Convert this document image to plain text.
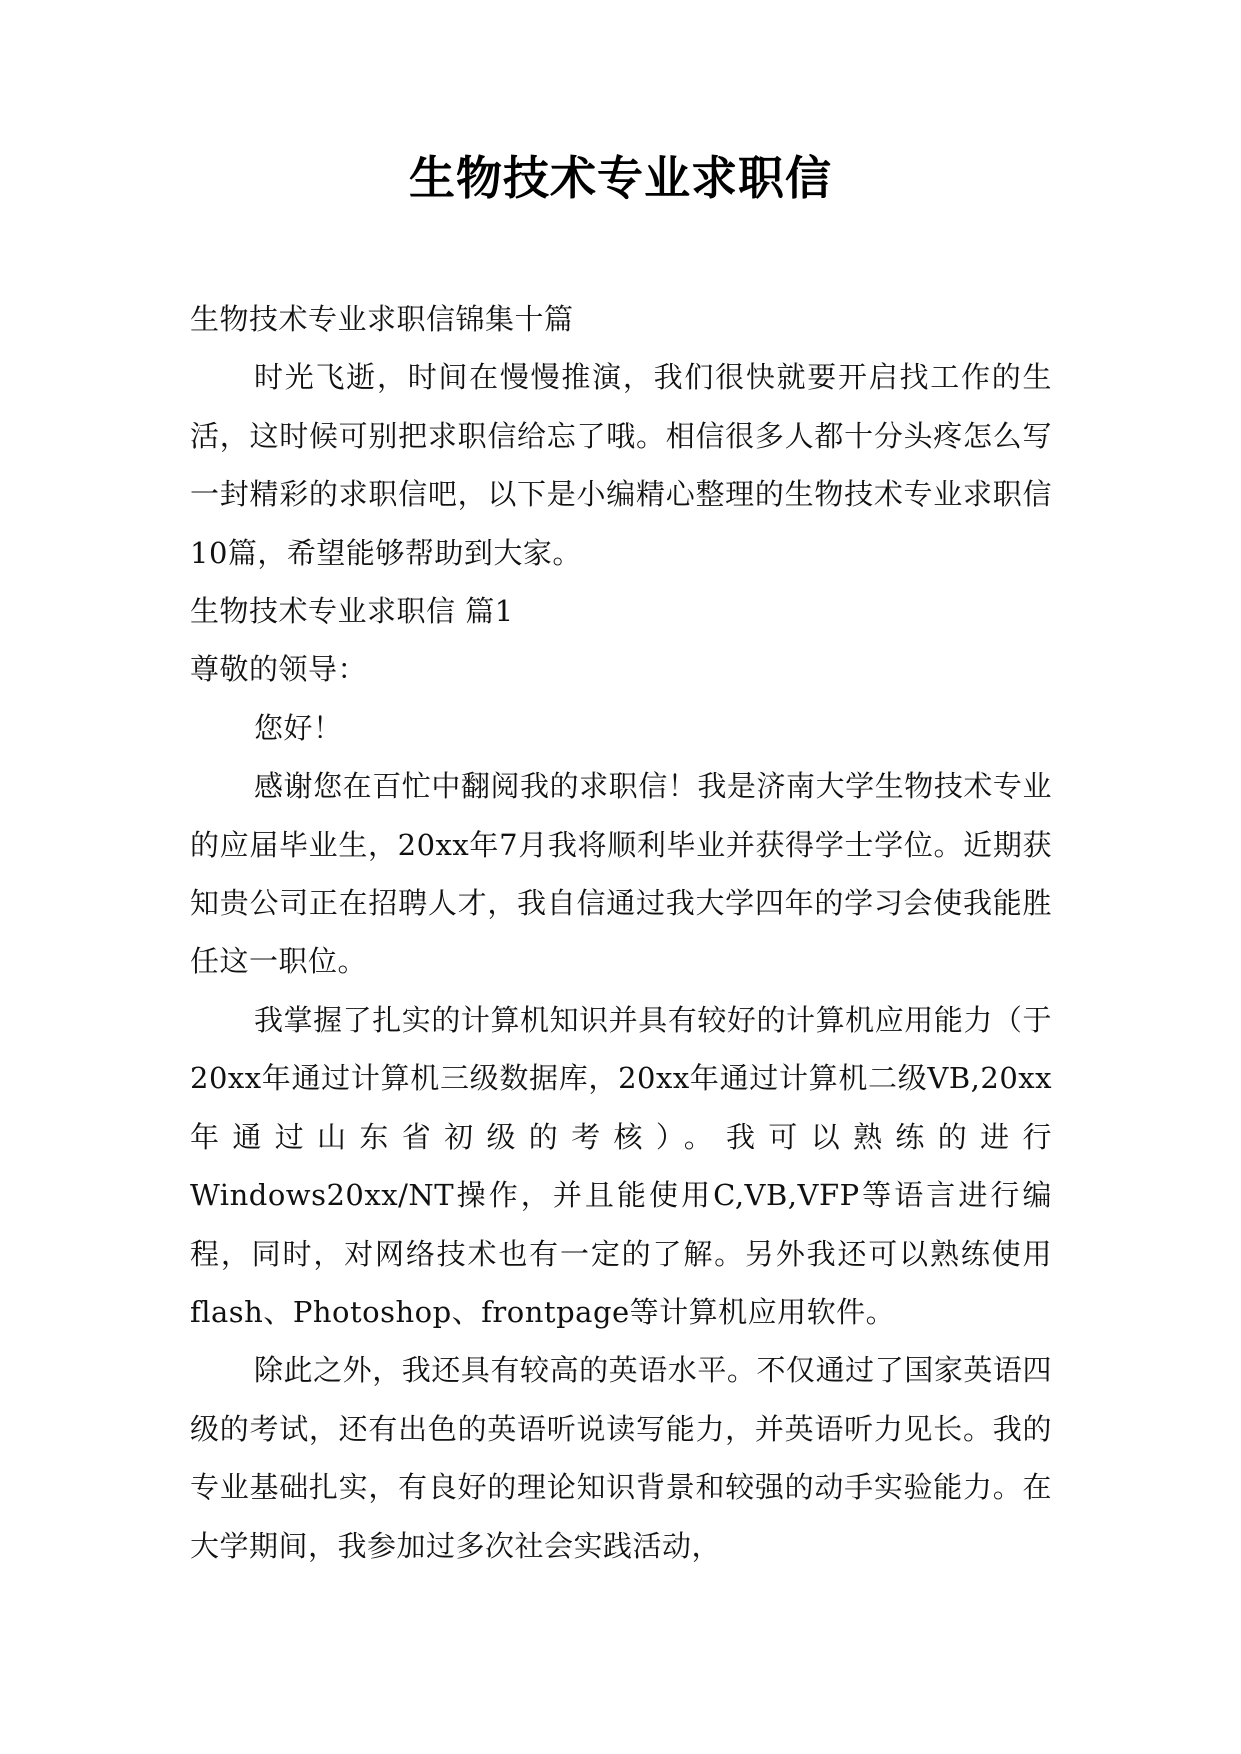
生物技术专业求职信

生物技术专业求职信锦集十篇

时光飞逝，时间在慢慢推演，我们很快就要开启找工作的生活，这时候可别把求职信给忘了哦。相信很多人都十分头疼怎么写一封精彩的求职信吧，以下是小编精心整理的生物技术专业求职信10篇，希望能够帮助到大家。

生物技术专业求职信 篇1

尊敬的领导：

您好！

感谢您在百忙中翻阅我的求职信！我是济南大学生物技术专业的应届毕业生，20xx年7月我将顺利毕业并获得学士学位。近期获知贵公司正在招聘人才，我自信通过我大学四年的学习会使我能胜任这一职位。

我掌握了扎实的计算机知识并具有较好的计算机应用能力（于20xx年通过计算机三级数据库，20xx年通过计算机二级VB,20xx年通过山东省初级的考核）。我可以熟练的进行Windows20xx/NT操作，并且能使用C,VB,VFP等语言进行编程，同时，对网络技术也有一定的了解。另外我还可以熟练使用flash、Photoshop、frontpage等计算机应用软件。

除此之外，我还具有较高的英语水平。不仅通过了国家英语四级的考试，还有出色的英语听说读写能力，并英语听力见长。我的专业基础扎实，有良好的理论知识背景和较强的动手实验能力。在大学期间，我参加过多次社会实践活动，
